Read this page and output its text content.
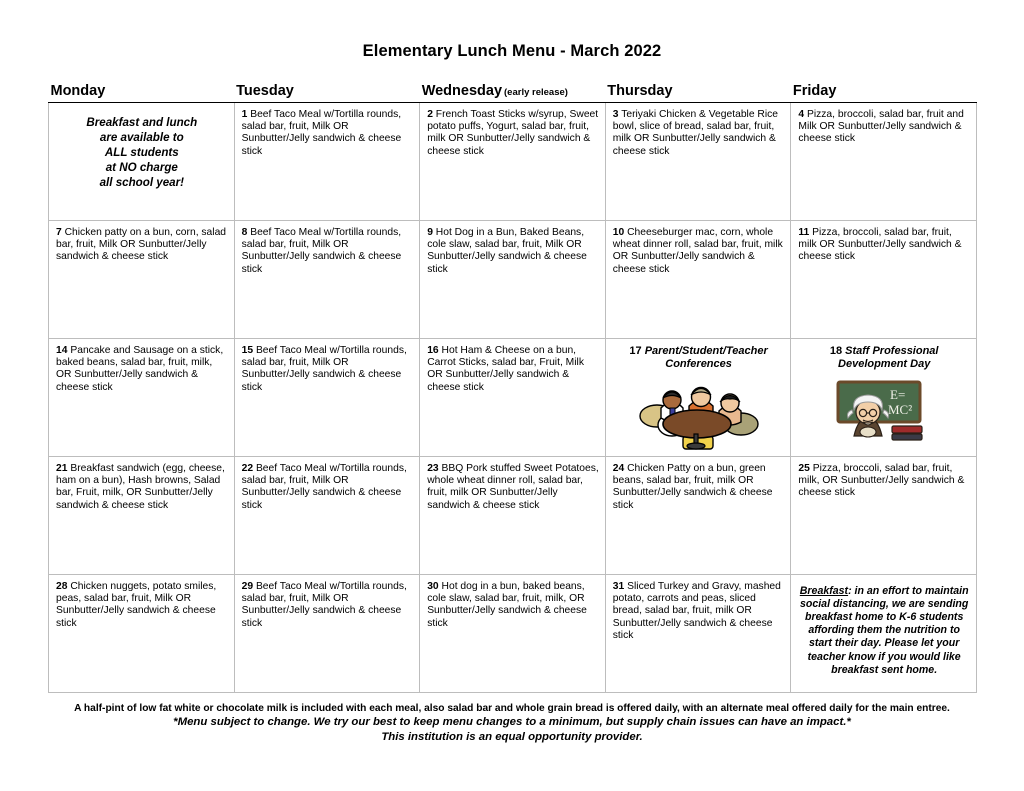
Elementary Lunch Menu - March 2022
Monday	Tuesday	Wednesday (early release)	Thursday	Friday

Breakfast and lunch
are available to
ALL students
at NO charge
all school year!	1 Beef Taco Meal w/Tortilla rounds, salad bar, fruit, Milk OR Sunbutter/Jelly sandwich & cheese stick	2 French Toast Sticks w/syrup, Sweet potato puffs, Yogurt, salad bar, fruit, milk OR Sunbutter/Jelly sandwich & cheese stick	3 Teriyaki Chicken & Vegetable Rice bowl, slice of bread, salad bar, fruit, milk OR Sunbutter/Jelly sandwich & cheese stick	4 Pizza, broccoli, salad bar, fruit and Milk OR Sunbutter/Jelly sandwich & cheese stick
7 Chicken patty on a bun, corn, salad bar, fruit, Milk OR Sunbutter/Jelly sandwich & cheese stick	8 Beef Taco Meal w/Tortilla rounds, salad bar, fruit, Milk OR Sunbutter/Jelly sandwich & cheese stick	9 Hot Dog in a Bun, Baked Beans, cole slaw, salad bar, fruit, Milk OR Sunbutter/Jelly sandwich & cheese stick	10 Cheeseburger mac, corn, whole wheat dinner roll, salad bar, fruit, milk OR Sunbutter/Jelly sandwich & cheese stick	11 Pizza, broccoli, salad bar, fruit, milk OR Sunbutter/Jelly sandwich & cheese stick
14 Pancake and Sausage on a stick, baked beans, salad bar, fruit, milk, OR Sunbutter/Jelly sandwich & cheese stick	15 Beef Taco Meal w/Tortilla rounds, salad bar, fruit, Milk OR Sunbutter/Jelly sandwich & cheese stick	16 Hot Ham & Cheese on a bun, Carrot Sticks, salad bar, Fruit, Milk OR Sunbutter/Jelly sandwich & cheese stick	17 Parent/Student/Teacher Conferences	18 Staff Professional Development Day
E=
MC²

21 Breakfast sandwich (egg, cheese, ham on a bun), Hash browns, Salad bar, Fruit, milk, OR Sunbutter/Jelly sandwich & cheese stick	22 Beef Taco Meal w/Tortilla rounds, salad bar, fruit, Milk OR Sunbutter/Jelly sandwich & cheese stick	23 BBQ Pork stuffed Sweet Potatoes, whole wheat dinner roll, salad bar, fruit, milk OR Sunbutter/Jelly sandwich & cheese stick	24 Chicken Patty on a bun, green beans, salad bar, fruit, milk OR Sunbutter/Jelly sandwich & cheese stick	25 Pizza, broccoli, salad bar, fruit, milk, OR Sunbutter/Jelly sandwich & cheese stick
28 Chicken nuggets, potato smiles, peas, salad bar, fruit, Milk OR Sunbutter/Jelly sandwich & cheese stick	29 Beef Taco Meal w/Tortilla rounds, salad bar, fruit, Milk OR Sunbutter/Jelly sandwich & cheese stick	30 Hot dog in a bun, baked beans, cole slaw, salad bar, fruit, milk, OR Sunbutter/Jelly sandwich & cheese stick	31 Sliced Turkey and Gravy, mashed potato, carrots and peas, sliced bread, salad bar, fruit, milk OR Sunbutter/Jelly sandwich & cheese stick	Breakfast: in an effort to maintain social distancing, we are sending breakfast home to K-6 students affording them the nutrition to start their day. Please let your teacher know if you would like breakfast sent home.
A half-pint of low fat white or chocolate milk is included with each meal, also salad bar and whole grain bread is offered daily, with an alternate meal offered daily for the main entree.
*Menu subject to change. We try our best to keep menu changes to a minimum, but supply chain issues can have an impact.*
This institution is an equal opportunity provider.
